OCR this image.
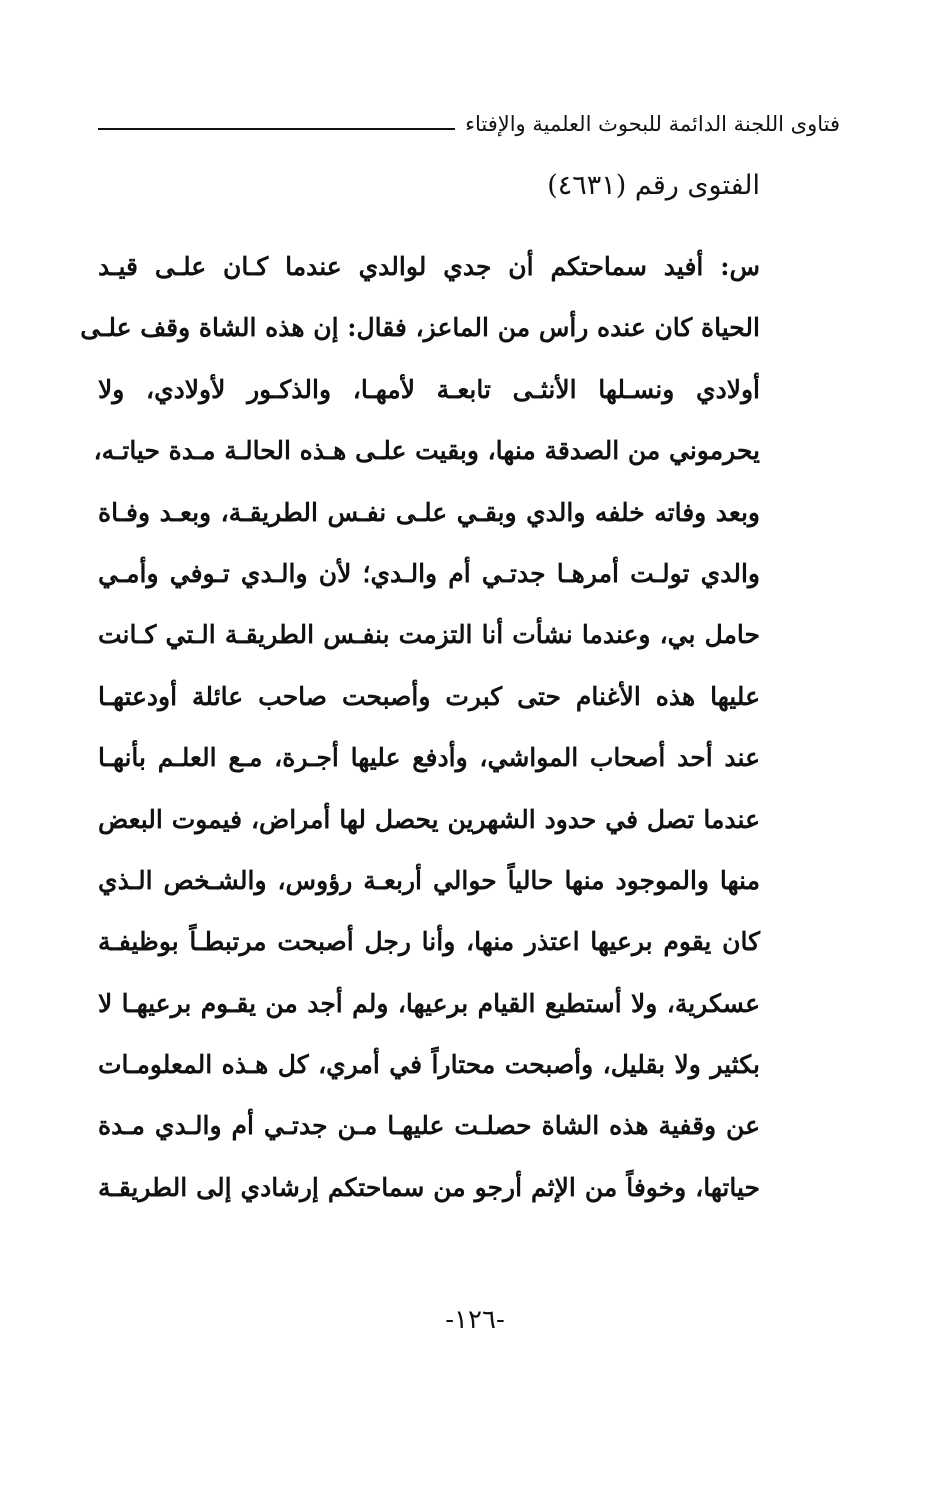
فتاوى اللجنة الدائمة للبحوث العلمية والإفتاء
الفتوى رقم (٤٦٣١)
س: أفيد سماحتكم أن جدي لوالدي عندما كـان علـى قيـد
الحياة كان عنده رأس من الماعز، فقال: إن هذه الشاة وقف علـى
أولادي ونسـلها الأنثـى تابعـة لأمهـا، والذكـور لأولادي، ولا
يحرموني من الصدقة منها، وبقيت علـى هـذه الحالـة مـدة حياتـه،
وبعد وفاته خلفه والدي وبقـي علـى نفـس الطريقـة، وبعـد وفـاة
والدي تولـت أمرهـا جدتـي أم والـدي؛ لأن والـدي تـوفي وأمـي
حامل بي، وعندما نشأت أنا التزمت بنفـس الطريقـة الـتي كـانت
عليها هذه الأغنام حتى كبرت وأصبحت صاحب عائلة أودعتهـا
عند أحد أصحاب المواشي، وأدفع عليها أجـرة، مـع العلـم بأنهـا
عندما تصل في حدود الشهرين يحصل لها أمراض، فيموت البعض
منها والموجود منها حالياً حوالي أربعـة رؤوس، والشـخص الـذي
كان يقوم برعيها اعتذر منها، وأنا رجل أصبحت مرتبطـاً بوظيفـة
عسكرية، ولا أستطيع القيام برعيها، ولم أجد من يقـوم برعيهـا لا
بكثير ولا بقليل، وأصبحت محتاراً في أمري، كل هـذه المعلومـات
عن وقفية هذه الشاة حصلـت عليهـا مـن جدتـي أم والـدي مـدة
حياتها، وخوفاً من الإثم أرجو من سماحتكم إرشادي إلى الطريقـة
-١٢٦-
